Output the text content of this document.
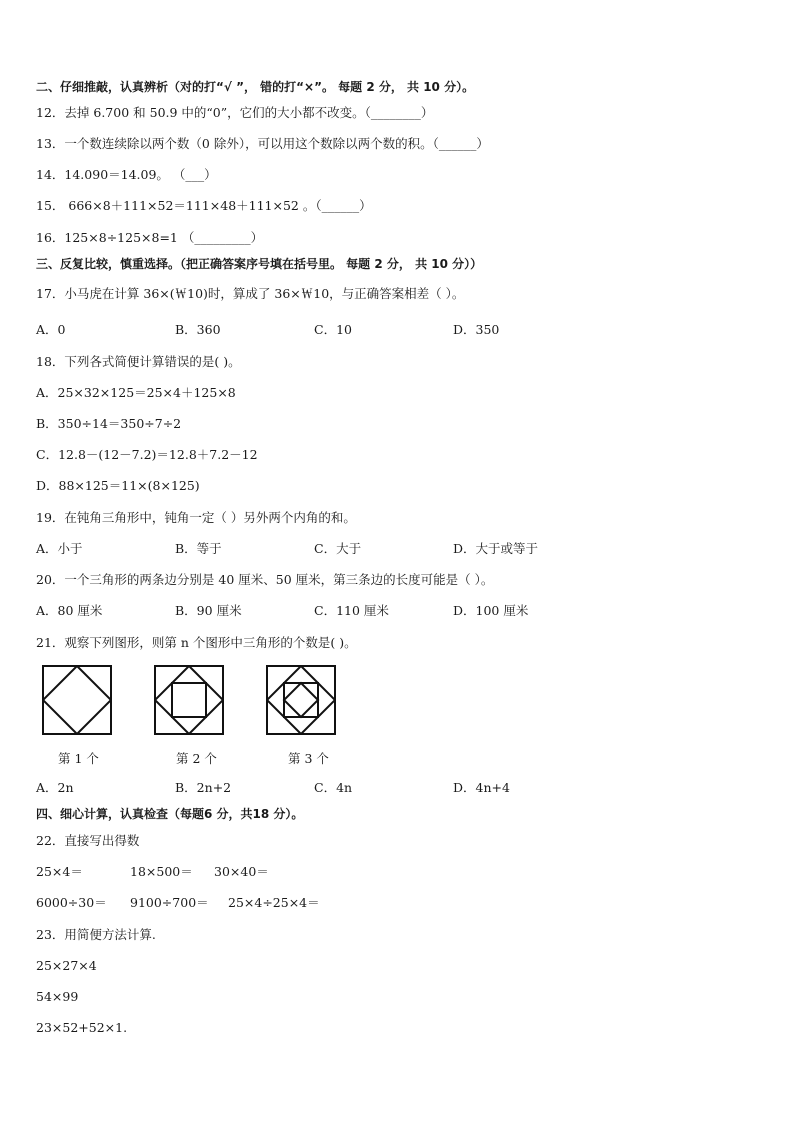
二、仔细推敲，认真辨析（对的打“√ ”， 错的打“×”。 每题 2 分， 共 10 分）。
12．去掉 6.700 和 50.9 中的“0”，它们的大小都不改变。（________）
13．一个数连续除以两个数（0 除外），可以用这个数除以两个数的积。（______）
14．14.090＝14.09。 （___）
15． 666×8＋111×52＝111×48＋111×52 。（______）
16．125×8÷125×8=1 （_________）
三、反复比较，慎重选择。（把正确答案序号填在括号里。 每题 2 分， 共 10 分））
17．小马虎在计算 36×(￦10)时，算成了 36×￦10，与正确答案相差（ ）。
A．0	B．360	C．10	D．350
18．下列各式简便计算错误的是( )。
A．25×32×125＝25×4＋125×8
B．350÷14＝350÷7÷2
C．12.8－(12－7.2)＝12.8＋7.2－12
D．88×125＝11×(8×125)
19．在钝角三角形中，钝角一定（ ）另外两个内角的和。
A．小于	B．等于	C．大于	D．大于或等于
20．一个三角形的两条边分别是 40 厘米、50 厘米，第三条边的长度可能是（ ）。
A．80 厘米	B．90 厘米	C．110 厘米	D．100 厘米
21．观察下列图形，则第 n 个图形中三角形的个数是( )。
第 1 个	第 2 个	第 3 个
A．2n	B．2n+2	C．4n	D．4n+4
四、细心计算，认真检查（每题6 分，共18 分）。
22．直接写出得数
25×4＝	18×500＝ 30×40＝
6000÷30＝ 9100÷700＝ 25×4÷25×4＝
23．用简便方法计算.
25×27×4
54×99
23×52+52×1.
